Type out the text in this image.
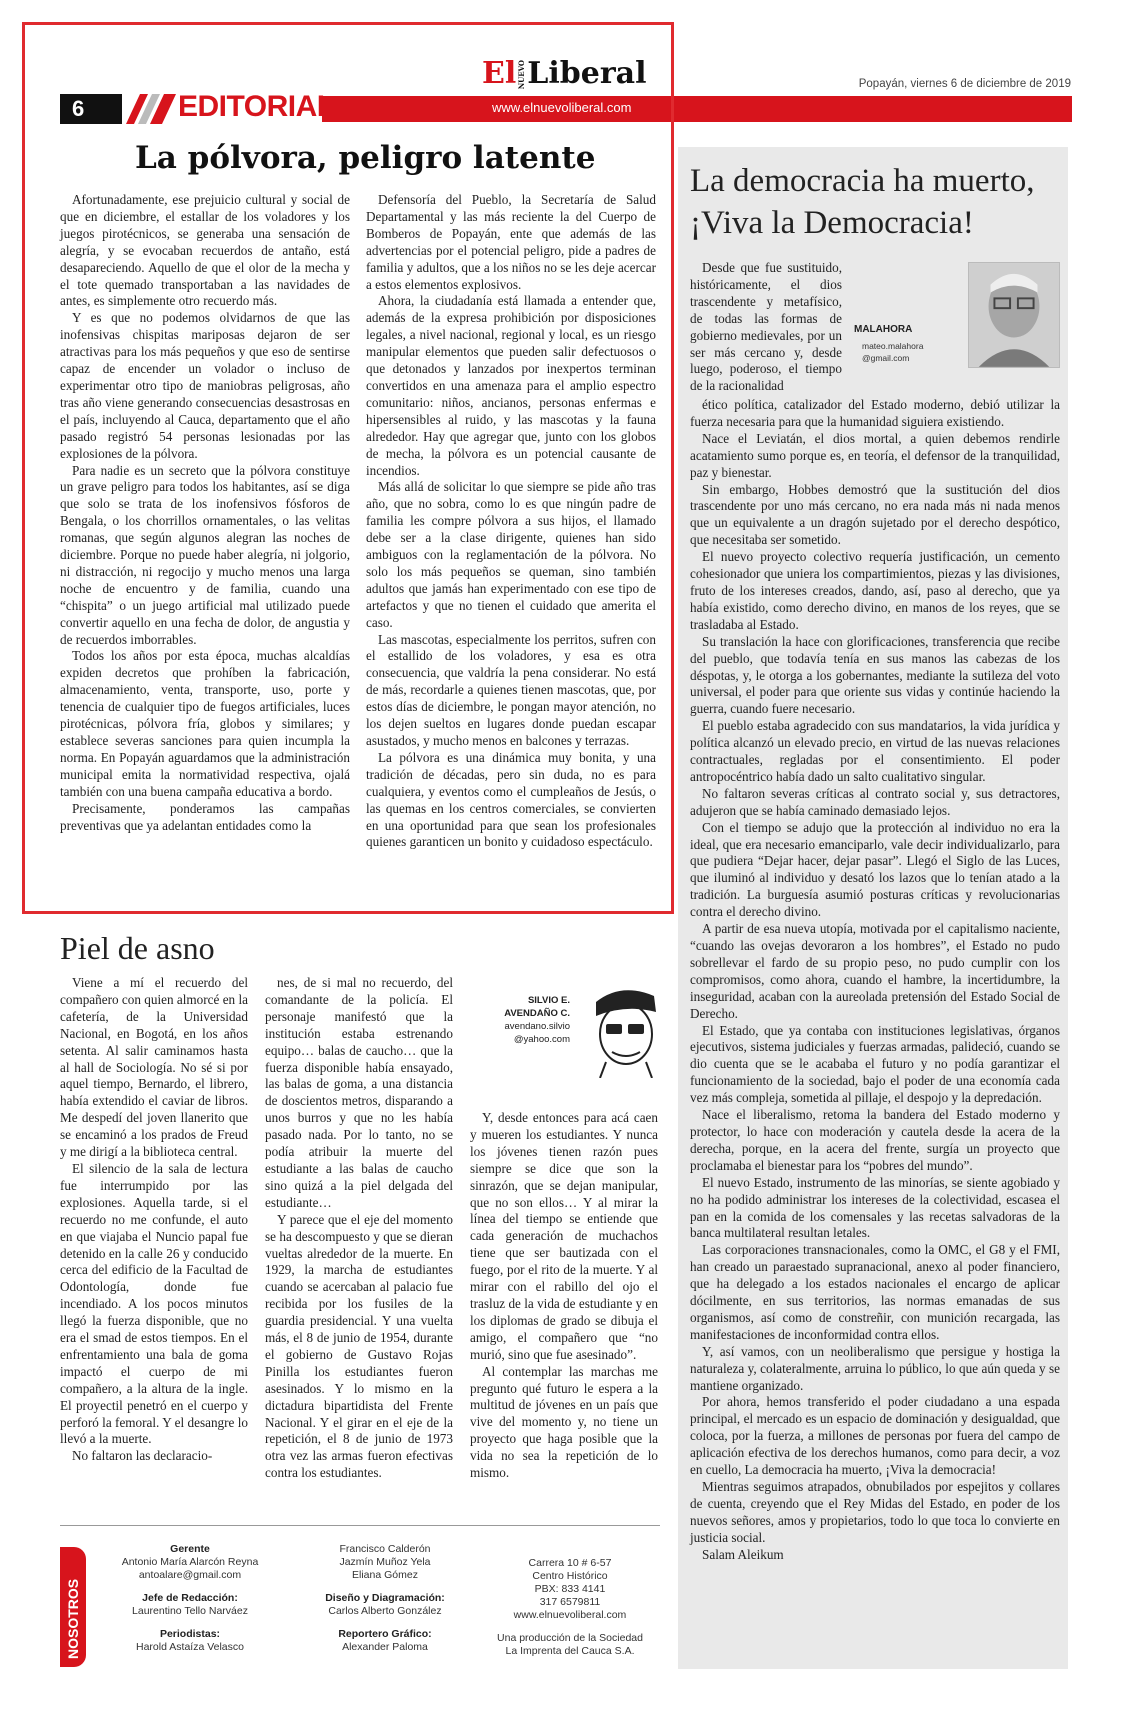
Popayán, viernes 6 de diciembre de 2019
6	EDITORIAL
ElNUEVOLiberal
www.elnuevoliberal.com
La pólvora, peligro latente

Afortunadamente, ese prejuicio cultural y social de que en diciembre, el estallar de los voladores y los juegos pirotécnicos, se generaba una sensación de alegría, y se evocaban recuerdos de antaño, está desapareciendo. Aquello de que el olor de la mecha y el tote quemado transportaban a las navidades de antes, es simplemente otro recuerdo más.

Y es que no podemos olvidarnos de que las inofensivas chispitas mariposas dejaron de ser atractivas para los más pequeños y que eso de sentirse capaz de encender un volador o incluso de experimentar otro tipo de maniobras peligrosas, año tras año viene generando consecuencias desastrosas en el país, incluyendo al Cauca, departamento que el año pasado registró 54 personas lesionadas por las explosiones de la pólvora.

Para nadie es un secreto que la pólvora constituye un grave peligro para todos los habitantes, así se diga que solo se trata de los inofensivos fósforos de Bengala, o los chorrillos ornamentales, o las velitas romanas, que según algunos alegran las noches de diciembre. Porque no puede haber alegría, ni jolgorio, ni distracción, ni regocijo y mucho menos una larga noche de encuentro y de familia, cuando una “chispita” o un juego artificial mal utilizado puede convertir aquello en una fecha de dolor, de angustia y de recuerdos imborrables.

Todos los años por esta época, muchas alcaldías expiden decretos que prohíben la fabricación, almacenamiento, venta, transporte, uso, porte y tenencia de cualquier tipo de fuegos artificiales, luces pirotécnicas, pólvora fría, globos y similares; y establece severas sanciones para quien incumpla la norma. En Popayán aguardamos que la administración municipal emita la normatividad respectiva, ojalá también con una buena campaña educativa a bordo.

Precisamente, ponderamos las campañas preventivas que ya adelantan entidades como la

Defensoría del Pueblo, la Secretaría de Salud Departamental y las más reciente la del Cuerpo de Bomberos de Popayán, ente que además de las advertencias por el potencial peligro, pide a padres de familia y adultos, que a los niños no se les deje acercar a estos elementos explosivos.

Ahora, la ciudadanía está llamada a entender que, además de la expresa prohibición por disposiciones legales, a nivel nacional, regional y local, es un riesgo manipular elementos que pueden salir defectuosos o que detonados y lanzados por inexpertos terminan convertidos en una amenaza para el amplio espectro comunitario: niños, ancianos, personas enfermas e hipersensibles al ruido, y las mascotas y la fauna alrededor. Hay que agregar que, junto con los globos de mecha, la pólvora es un potencial causante de incendios.

Más allá de solicitar lo que siempre se pide año tras año, que no sobra, como lo es que ningún padre de familia les compre pólvora a sus hijos, el llamado debe ser a la clase dirigente, quienes han sido ambiguos con la reglamentación de la pólvora. No solo los más pequeños se queman, sino también adultos que jamás han experimentado con ese tipo de artefactos y que no tienen el cuidado que amerita el caso.

Las mascotas, especialmente los perritos, sufren con el estallido de los voladores, y esa es otra consecuencia, que valdría la pena considerar. No está de más, recordarle a quienes tienen mascotas, que, por estos días de diciembre, le pongan mayor atención, no los dejen sueltos en lugares donde puedan escapar asustados, y mucho menos en balcones y terrazas.

La pólvora es una dinámica muy bonita, y una tradición de décadas, pero sin duda, no es para cualquiera, y eventos como el cumpleaños de Jesús, o las quemas en los centros comerciales, se convierten en una oportunidad para que sean los profesionales quienes garanticen un bonito y cuidadoso espectáculo.

La democracia ha muerto, ¡Viva la Democracia!

Desde que fue sustituido, históricamente, el dios trascendente y metafísico, de todas las formas de gobierno medievales, por un ser más cercano y, desde luego, poderoso, el tiempo de la racionalidad

MALAHORA
mateo.malahora
@gmail.com

ético política, catalizador del Estado moderno, debió utilizar la fuerza necesaria para que la humanidad siguiera existiendo.

Nace el Leviatán, el dios mortal, a quien debemos rendirle acatamiento sumo porque es, en teoría, el defensor de la tranquilidad, paz y bienestar.

Sin embargo, Hobbes demostró que la sustitución del dios trascendente por uno más cercano, no era nada más ni nada menos que un equivalente a un dragón sujetado por el derecho despótico, que necesitaba ser sometido.

El nuevo proyecto colectivo requería justificación, un cemento cohesionador que uniera los compartimientos, piezas y las divisiones, fruto de los intereses creados, dando, así, paso al derecho, que ya había existido, como derecho divino, en manos de los reyes, que se trasladaba al Estado.

Su translación la hace con glorificaciones, transferencia que recibe del pueblo, que todavía tenía en sus manos las cabezas de los déspotas, y, le otorga a los gobernantes, mediante la sutileza del voto universal, el poder para que oriente sus vidas y continúe haciendo la guerra, cuando fuere necesario.

El pueblo estaba agradecido con sus mandatarios, la vida jurídica y política alcanzó un elevado precio, en virtud de las nuevas relaciones contractuales, regladas por el consentimiento. El poder antropocéntrico había dado un salto cualitativo singular.

No faltaron severas críticas al contrato social y, sus detractores, adujeron que se había caminado demasiado lejos.

Con el tiempo se adujo que la protección al individuo no era la ideal, que era necesario emanciparlo, vale decir individualizarlo, para que pudiera “Dejar hacer, dejar pasar”. Llegó el Siglo de las Luces, que iluminó al individuo y desató los lazos que lo tenían atado a la tradición. La burguesía asumió posturas críticas y revolucionarias contra el derecho divino.

A partir de esa nueva utopía, motivada por el capitalismo naciente, “cuando las ovejas devoraron a los hombres”, el Estado no pudo sobrellevar el fardo de su propio peso, no pudo cumplir con los compromisos, como ahora, cuando el hambre, la incertidumbre, la inseguridad, acaban con la aureolada pretensión del Estado Social de Derecho.

El Estado, que ya contaba con instituciones legislativas, órganos ejecutivos, sistema judiciales y fuerzas armadas, palideció, cuando se dio cuenta que se le acababa el futuro y no podía garantizar el funcionamiento de la sociedad, bajo el poder de una economía cada vez más compleja, sometida al pillaje, el despojo y la depredación.

Nace el liberalismo, retoma la bandera del Estado moderno y protector, lo hace con moderación y cautela desde la acera de la derecha, porque, en la acera del frente, surgía un proyecto que proclamaba el bienestar para los “pobres del mundo”.

El nuevo Estado, instrumento de las minorías, se siente agobiado y no ha podido administrar los intereses de la colectividad, escasea el pan en la comida de los comensales y las recetas salvadoras de la banca multilateral resultan letales.

Las corporaciones transnacionales, como la OMC, el G8 y el FMI, han creado un paraestado supranacional, anexo al poder financiero, que ha delegado a los estados nacionales el encargo de aplicar dócilmente, en sus territorios, las normas emanadas de sus organismos, así como de constreñir, con munición recargada, las manifestaciones de inconformidad contra ellos.

Y, así vamos, con un neoliberalismo que persigue y hostiga la naturaleza y, colateralmente, arruina lo público, lo que aún queda y se mantiene organizado.

Por ahora, hemos transferido el poder ciudadano a una espada principal, el mercado es un espacio de dominación y desigualdad, que coloca, por la fuerza, a millones de personas por fuera del campo de aplicación efectiva de los derechos humanos, como para decir, a voz en cuello, La democracia ha muerto, ¡Viva la democracia!

Mientras seguimos atrapados, obnubilados por espejitos y collares de cuenta, creyendo que el Rey Midas del Estado, en poder de los nuevos señores, amos y propietarios, todo lo que toca lo convierte en justicia social.

Salam Aleikum

Piel de asno
SILVIO E.
AVENDAÑO C.
avendano.silvio
@yahoo.com

Viene a mí el recuerdo del compañero con quien almorcé en la cafetería, de la Universidad Nacional, en Bogotá, en los años setenta. Al salir caminamos hasta al hall de Sociología. No sé si por aquel tiempo, Bernardo, el librero, había extendido el caviar de libros. Me despedí del joven llanerito que se encaminó a los prados de Freud y me dirigí a la biblioteca central.

El silencio de la sala de lectura fue interrumpido por las explosiones. Aquella tarde, si el recuerdo no me confunde, el auto en que viajaba el Nuncio papal fue detenido en la calle 26 y conducido cerca del edificio de la Facultad de Odontología, donde fue incendiado. A los pocos minutos llegó la fuerza disponible, que no era el smad de estos tiempos. En el enfrentamiento una bala de goma impactó el cuerpo de mi compañero, a la altura de la ingle. El proyectil penetró en el cuerpo y perforó la femoral. Y el desangre lo llevó a la muerte.

No faltaron las declaracio-

nes, de si mal no recuerdo, del comandante de la policía. El personaje manifestó que la institución estaba estrenando equipo… balas de caucho… que la fuerza disponible había ensayado, las balas de goma, a una distancia de doscientos metros, disparando a unos burros y que no les había pasado nada. Por lo tanto, no se podía atribuir la muerte del estudiante a las balas de caucho sino quizá a la piel delgada del estudiante…

Y parece que el eje del momento se ha descompuesto y que se dieran vueltas alrededor de la muerte. En 1929, la marcha de estudiantes cuando se acercaban al palacio fue recibida por los fusiles de la guardia presidencial. Y una vuelta más, el 8 de junio de 1954, durante el gobierno de Gustavo Rojas Pinilla los estudiantes fueron asesinados. Y lo mismo en la dictadura bipartidista del Frente Nacional. Y el girar en el eje de la repetición, el 8 de junio de 1973 otra vez las armas fueron efectivas contra los estudiantes.

Y, desde entonces para acá caen y mueren los estudiantes. Y nunca los jóvenes tienen razón pues siempre se dice que son la sinrazón, que se dejan manipular, que no son ellos… Y al mirar la línea del tiempo se entiende que cada generación de muchachos tiene que ser bautizada con el fuego, por el rito de la muerte. Y al mirar con el rabillo del ojo el trasluz de la vida de estudiante y en los diplomas de grado se dibuja el amigo, el compañero que “no murió, sino que fue asesinado”.

Al contemplar las marchas me pregunto qué futuro le espera a la multitud de jóvenes en un país que vive del momento y, no tiene un proyecto que haga posible que la vida no sea la repetición de lo mismo.

NOSOTROS
Gerente
Antonio María Alarcón Reyna
antoalare@gmail.com
Jefe de Redacción:
Laurentino Tello Narváez
Periodistas:
Harold Astaíza Velasco
Francisco Calderón
Jazmín Muñoz Yela
Eliana Gómez
Diseño y Diagramación:
Carlos Alberto González
Reportero Gráfico:
Alexander Paloma
Carrera 10 # 6-57
Centro Histórico
PBX: 833 4141
317 6579811
www.elnuevoliberal.com
Una producción de la Sociedad
La Imprenta del Cauca S.A.
